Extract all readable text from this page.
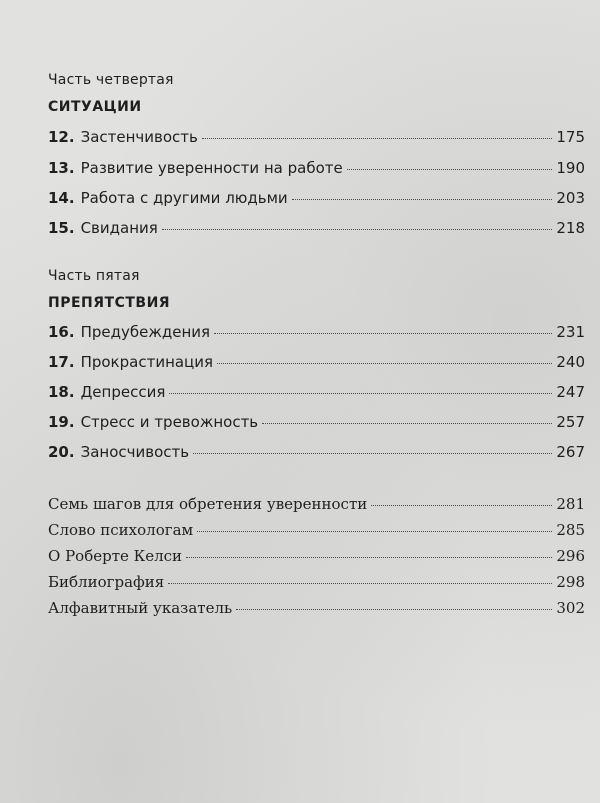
Часть четвертая
СИТУАЦИИ
12. Застенчивость	175
13. Развитие уверенности на работе	190
14. Работа с другими людьми	203
15. Свидания	218
Часть пятая
ПРЕПЯТСТВИЯ
16. Предубеждения	231
17. Прокрастинация	240
18. Депрессия	247
19. Стресс и тревожность	257
20. Заносчивость	267
Семь шагов для обретения уверенности	281
Слово психологам	285
О Роберте Келси	296
Библиография	298
Алфавитный указатель	302
